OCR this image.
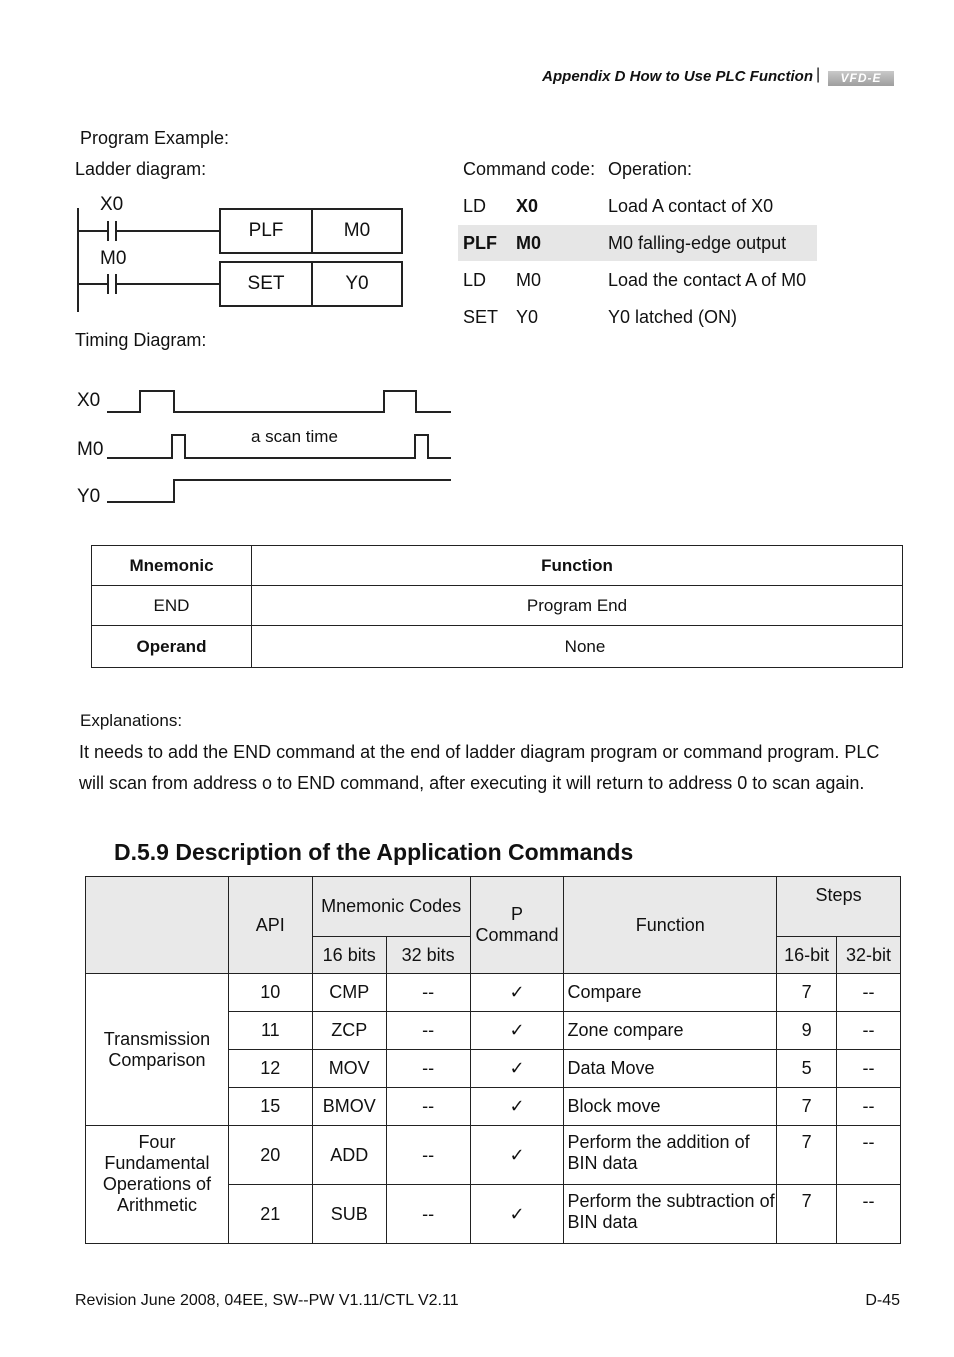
Appendix D How to Use PLC Function |	VFD-E
Program Example:
Ladder diagram:	Command code: Operation:
X0
M0
PLF	M0
SET	Y0
LD X0	Load A contact of X0
PLF M0	M0 falling-edge output
LD M0	Load the contact A of M0
SET Y0	Y0 latched (ON)
Timing Diagram:
X0
M0
Y0
a scan time
Mnemonic	Function
END	Program End
Operand	None
Explanations:
It needs to add the END command at the end of ladder diagram program or command program. PLC
will scan from address o to END command, after executing it will return to address 0 to scan again.
D.5.9 Description of the Application Commands
	API	Mnemonic Codes		P Command	Function	Steps	
		16 bits	32 bits			16-bit	32-bit
Transmission Comparison	10	CMP	--	✓	Compare	7	--
	11	ZCP	--	✓	Zone compare	9	--
	12	MOV	--	✓	Data Move	5	--
	15	BMOV	--	✓	Block move	7	--
Four Fundamental Operations of Arithmetic	20	ADD	--	✓	Perform the addition of BIN data	7	--
	21	SUB	--	✓	Perform the subtraction of BIN data	7	--
Revision June 2008, 04EE, SW--PW V1.11/CTL V2.11	D-45
